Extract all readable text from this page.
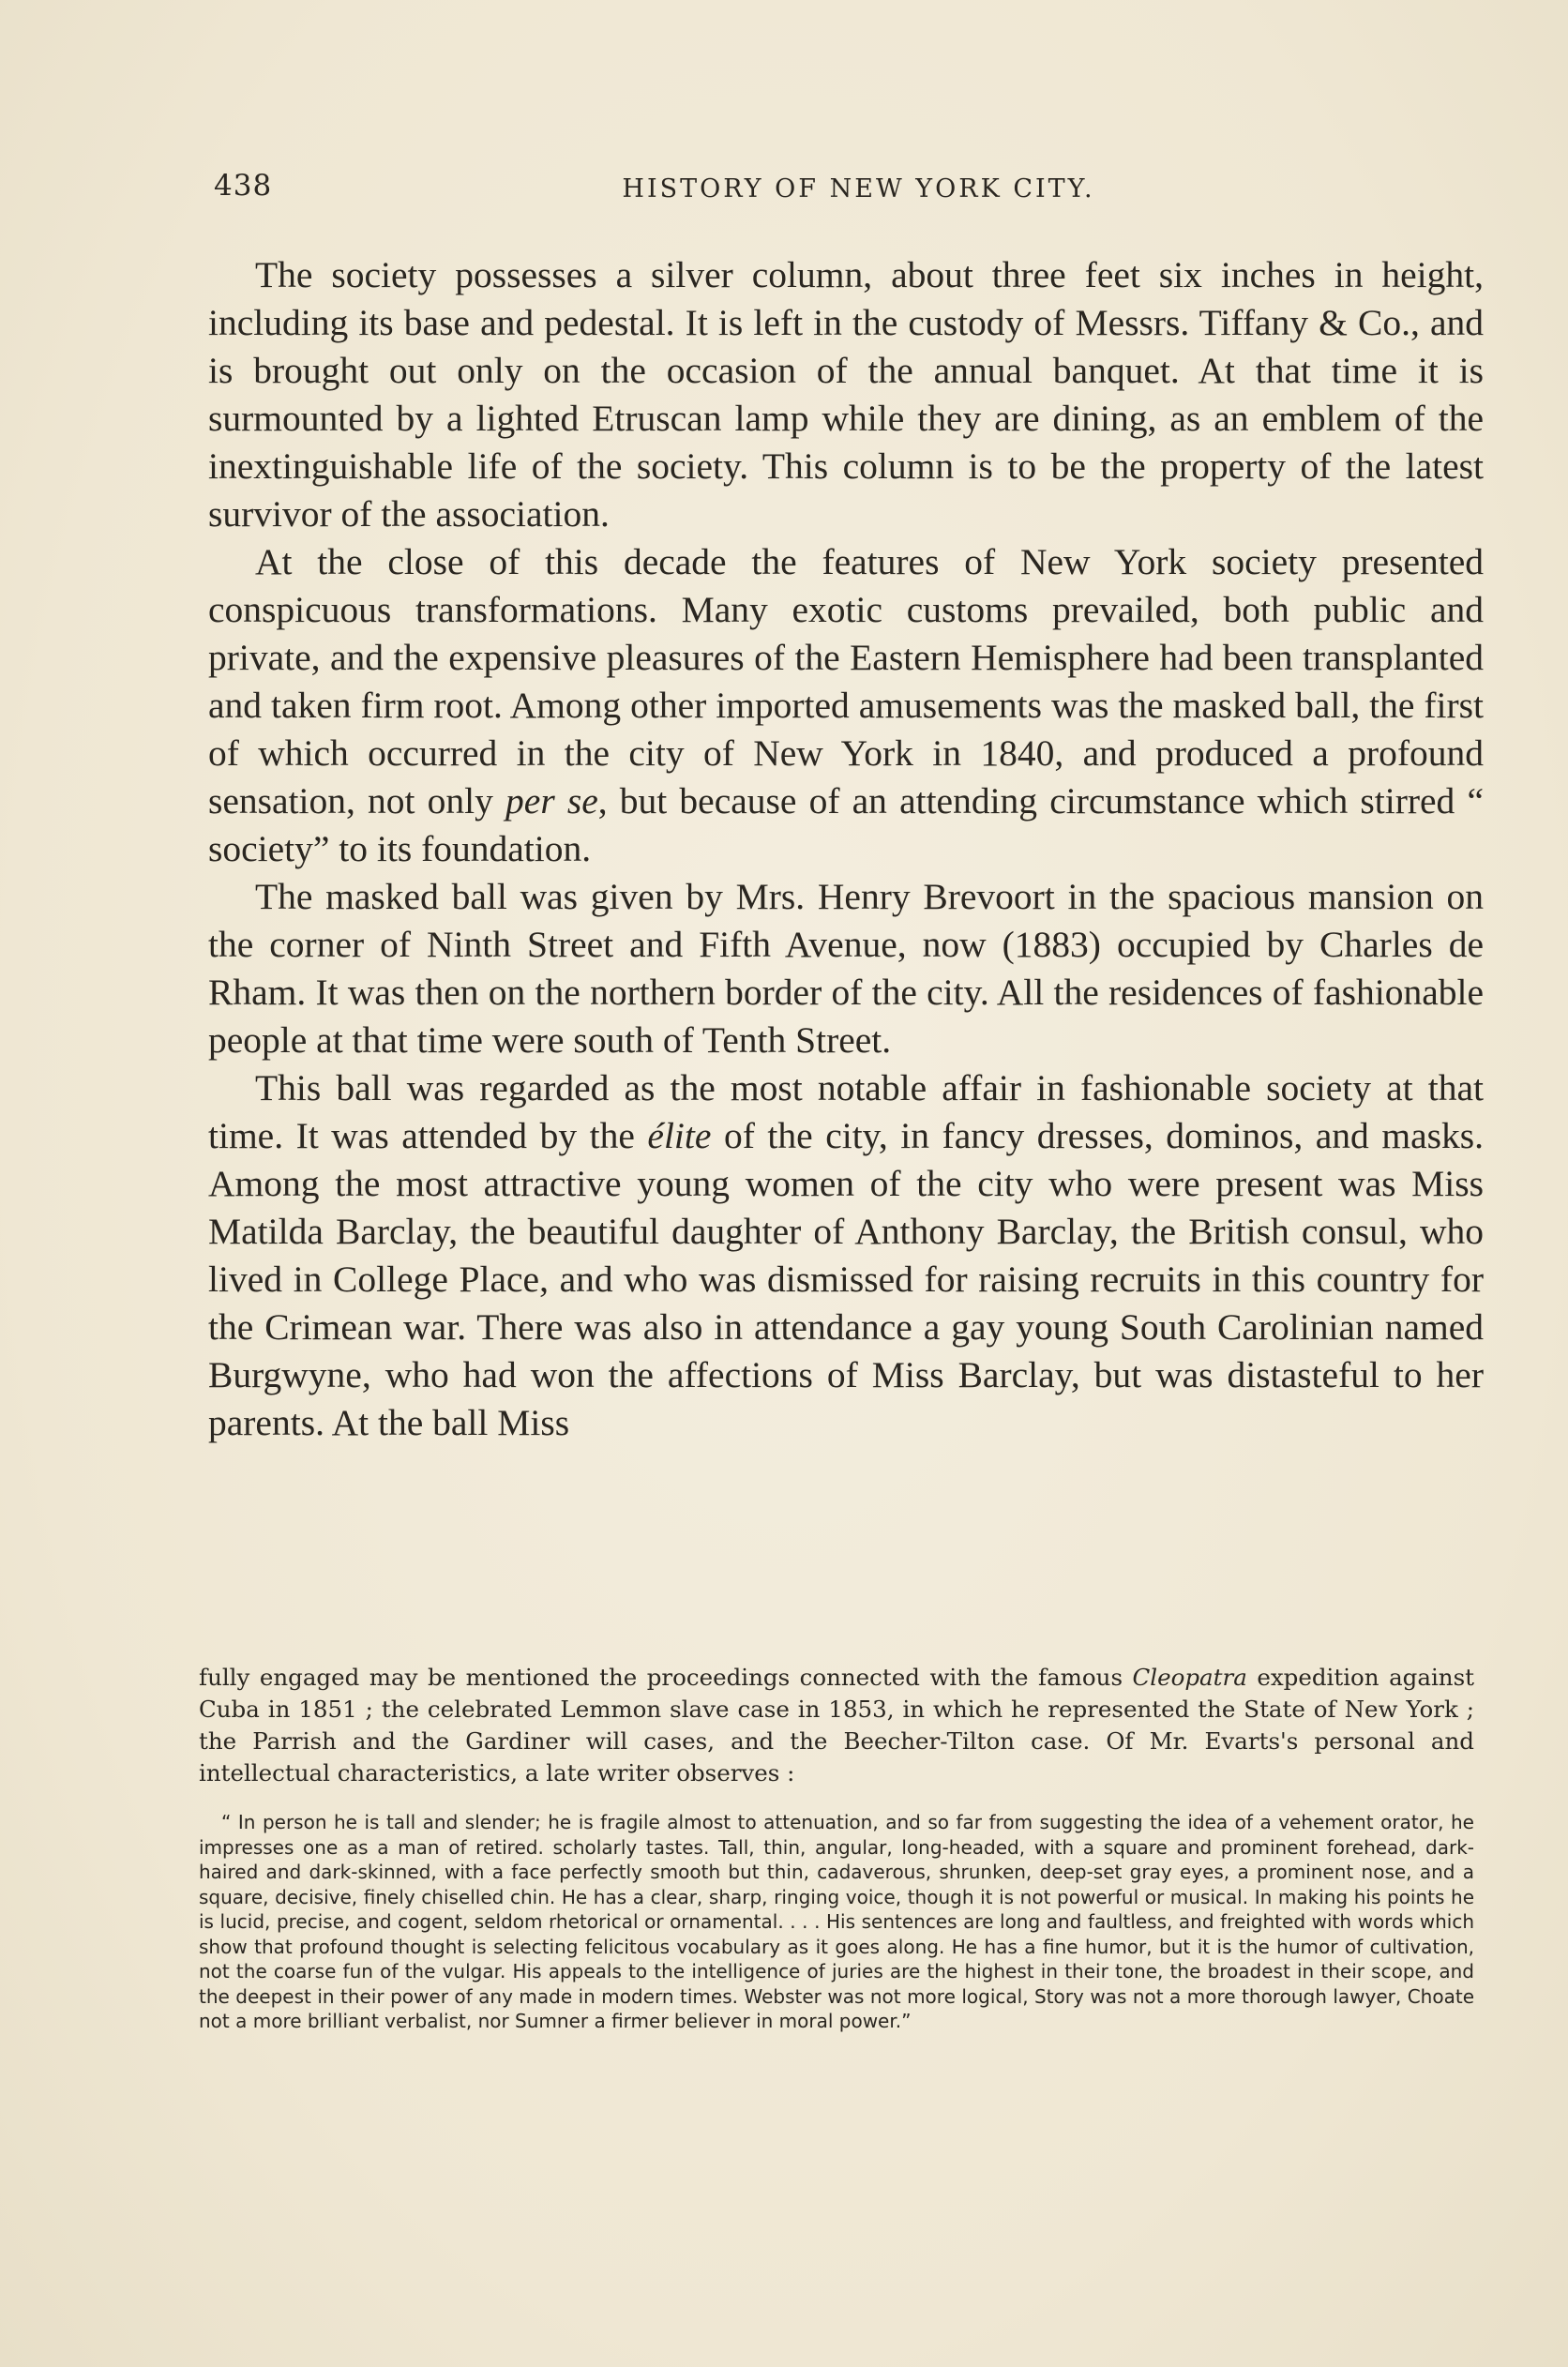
438	HISTORY OF NEW YORK CITY.

The society possesses a silver column, about three feet six inches in height, including its base and pedestal. It is left in the custody of Messrs. Tiffany & Co., and is brought out only on the occasion of the annual banquet. At that time it is surmounted by a lighted Etruscan lamp while they are dining, as an emblem of the inextinguishable life of the society. This column is to be the property of the latest survivor of the association.

At the close of this decade the features of New York society presented conspicuous transformations. Many exotic customs prevailed, both public and private, and the expensive pleasures of the Eastern Hemisphere had been transplanted and taken firm root. Among other imported amusements was the masked ball, the first of which occurred in the city of New York in 1840, and produced a profound sensation, not only per se, but because of an attending circumstance which stirred “ society” to its foundation.

The masked ball was given by Mrs. Henry Brevoort in the spacious mansion on the corner of Ninth Street and Fifth Avenue, now (1883) occupied by Charles de Rham. It was then on the northern border of the city. All the residences of fashionable people at that time were south of Tenth Street.

This ball was regarded as the most notable affair in fashionable society at that time. It was attended by the élite of the city, in fancy dresses, dominos, and masks. Among the most attractive young women of the city who were present was Miss Matilda Barclay, the beautiful daughter of Anthony Barclay, the British consul, who lived in College Place, and who was dismissed for raising recruits in this country for the Crimean war. There was also in attendance a gay young South Carolinian named Burgwyne, who had won the affections of Miss Barclay, but was distasteful to her parents. At the ball Miss

fully engaged may be mentioned the proceedings connected with the famous Cleopatra expedition against Cuba in 1851 ; the celebrated Lemmon slave case in 1853, in which he represented the State of New York ; the Parrish and the Gardiner will cases, and the Beecher-Tilton case. Of Mr. Evarts's personal and intellectual characteristics, a late writer observes :

“ In person he is tall and slender; he is fragile almost to attenuation, and so far from suggesting the idea of a vehement orator, he impresses one as a man of retired. scholarly tastes. Tall, thin, angular, long-headed, with a square and prominent forehead, dark-haired and dark-skinned, with a face perfectly smooth but thin, cadaverous, shrunken, deep-set gray eyes, a prominent nose, and a square, decisive, finely chiselled chin. He has a clear, sharp, ringing voice, though it is not powerful or musical. In making his points he is lucid, precise, and cogent, seldom rhetorical or ornamental. . . . His sentences are long and faultless, and freighted with words which show that profound thought is selecting felicitous vocabulary as it goes along. He has a fine humor, but it is the humor of cultivation, not the coarse fun of the vulgar. His appeals to the intelligence of juries are the highest in their tone, the broadest in their scope, and the deepest in their power of any made in modern times. Webster was not more logical, Story was not a more thorough lawyer, Choate not a more brilliant verbalist, nor Sumner a firmer believer in moral power.”
